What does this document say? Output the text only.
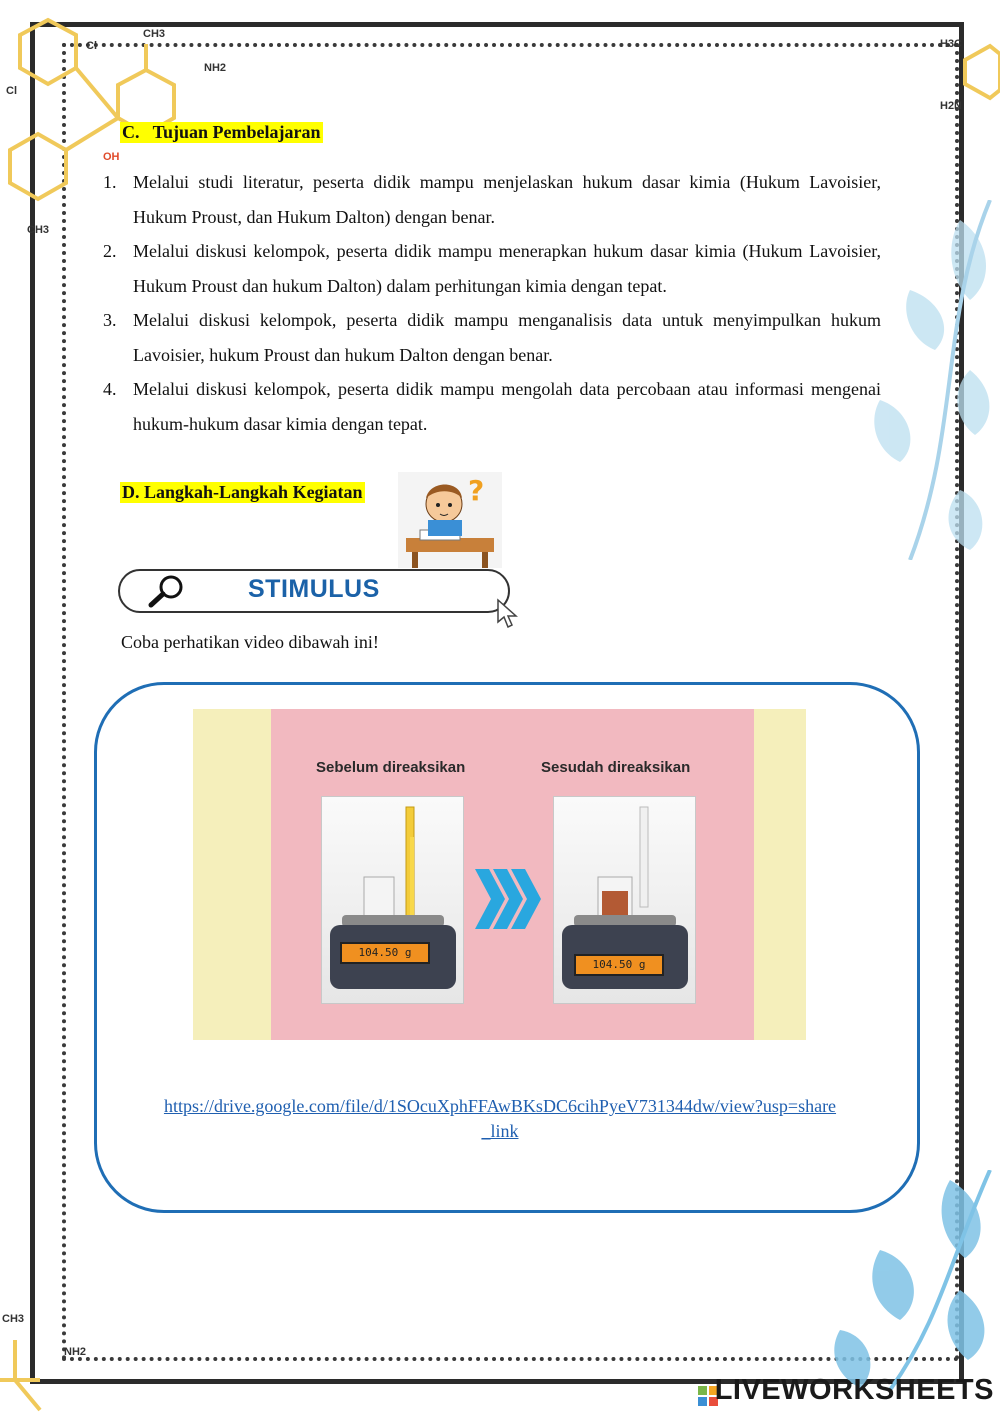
CH3
Cl
NH2
Cl
OH
CH3
H3C
H2N
CH3
NH2
C.   Tujuan Pembelajaran
1. Melalui studi literatur, peserta didik mampu menjelaskan hukum dasar kimia (Hukum Lavoisier, Hukum Proust, dan Hukum Dalton) dengan benar.
2. Melalui diskusi kelompok, peserta didik mampu menerapkan hukum dasar kimia (Hukum Lavoisier, Hukum Proust dan hukum Dalton) dalam perhitungan kimia dengan tepat.
3. Melalui diskusi kelompok, peserta didik mampu menganalisis data untuk menyimpulkan hukum Lavoisier, hukum Proust dan hukum Dalton dengan benar.
4. Melalui diskusi kelompok, peserta didik mampu mengolah data percobaan atau informasi mengenai hukum-hukum dasar kimia dengan tepat.
D. Langkah-Langkah Kegiatan	?
STIMULUS
Coba perhatikan video dibawah ini!
Sebelum direaksikan	Sesudah direaksikan
104.50 g
104.50 g
https://drive.google.com/file/d/1SOcuXphFFAwBKsDC6cihPyeV731344dw/view?usp=share
_link
LIVEWORKSHEETS
